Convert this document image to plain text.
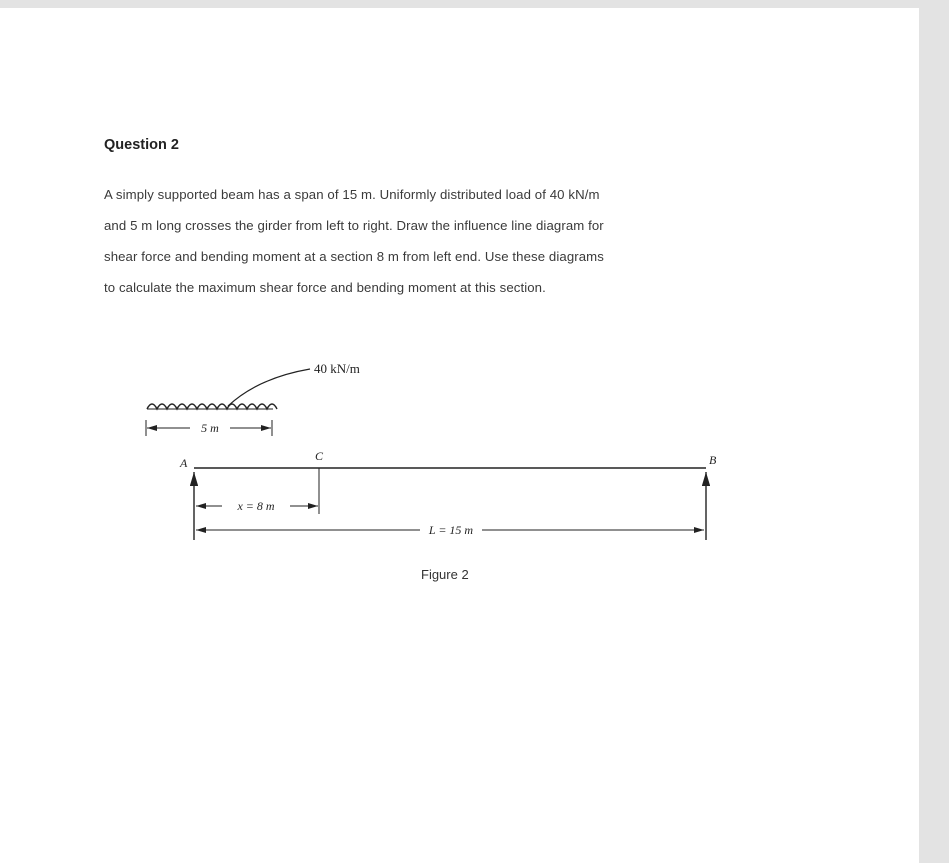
Question 2

A simply supported beam has a span of 15 m. Uniformly distributed load of 40 kN/m
and 5 m long crosses the girder from left to right. Draw the influence line diagram for
shear force and bending moment at a section 8 m from left end. Use these diagrams
to calculate the maximum shear force and bending moment at this section.

40 kN/m
5 m
A	C	B
x = 8 m
L = 15 m

Figure 2
